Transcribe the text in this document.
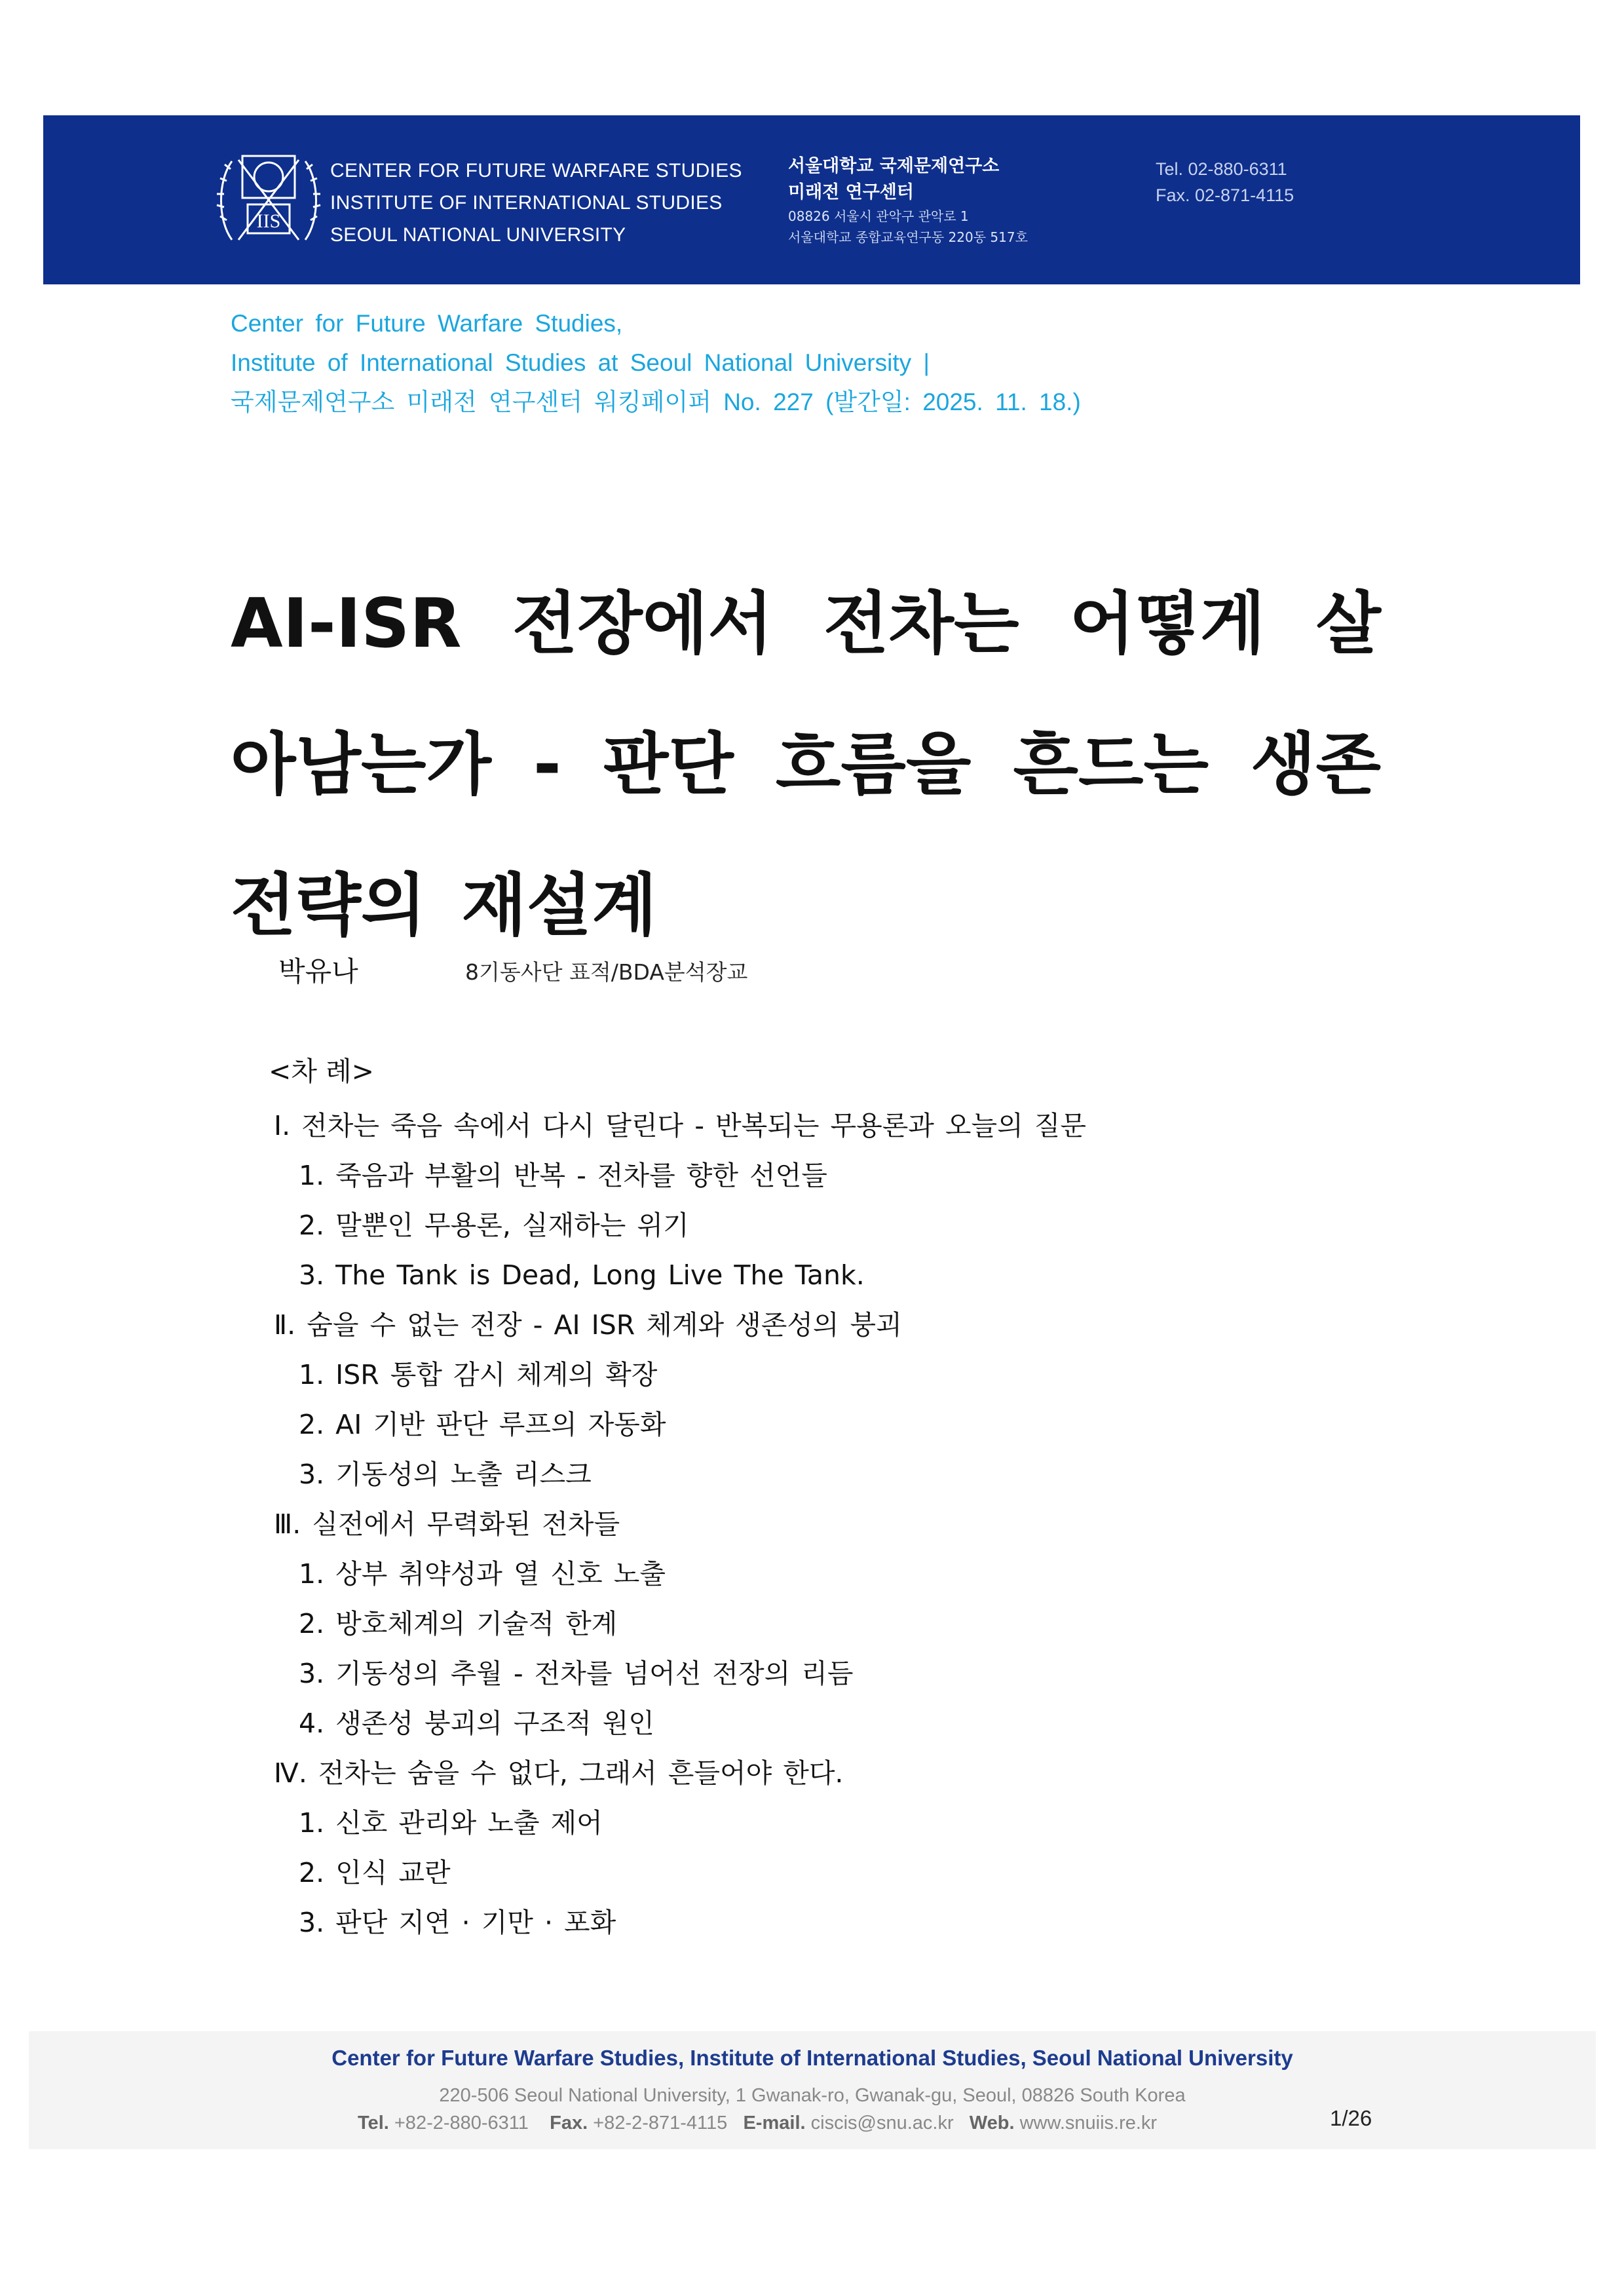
IIS
CENTER FOR FUTURE WARFARE STUDIES
INSTITUTE OF INTERNATIONAL STUDIES
SEOUL NATIONAL UNIVERSITY
서울대학교 국제문제연구소
미래전 연구센터
08826 서울시 관악구 관악로 1
서울대학교 종합교육연구동 220동 517호
Tel. 02-880-6311
Fax. 02-871-4115
Center for Future Warfare Studies,
Institute of International Studies at Seoul National University |
국제문제연구소 미래전 연구센터 워킹페이퍼 No. 227 (발간일: 2025. 11. 18.)
AI-ISR 전장에서 전차는 어떻게 살아남는가 - 판단 흐름을 흔드는 생존 전략의 재설계
박유나	8기동사단 표적/BDA분석장교
<차 례>
Ⅰ. 전차는 죽음 속에서 다시 달린다 - 반복되는 무용론과 오늘의 질문
1. 죽음과 부활의 반복 - 전차를 향한 선언들
2. 말뿐인 무용론, 실재하는 위기
3. The Tank is Dead, Long Live The Tank.
Ⅱ. 숨을 수 없는 전장 - AI ISR 체계와 생존성의 붕괴
1. ISR 통합 감시 체계의 확장
2. AI 기반 판단 루프의 자동화
3. 기동성의 노출 리스크
Ⅲ. 실전에서 무력화된 전차들
1. 상부 취약성과 열 신호 노출
2. 방호체계의 기술적 한계
3. 기동성의 추월 - 전차를 넘어선 전장의 리듬
4. 생존성 붕괴의 구조적 원인
Ⅳ. 전차는 숨을 수 없다, 그래서 흔들어야 한다.
1. 신호 관리와 노출 제어
2. 인식 교란
3. 판단 지연 · 기만 · 포화
Center for Future Warfare Studies, Institute of International Studies, Seoul National University
220-506 Seoul National University, 1 Gwanak-ro, Gwanak-gu, Seoul, 08826 South Korea
Tel. +82-2-880-6311 Fax. +82-2-871-4115 E-mail. ciscis@snu.ac.kr Web. www.snuiis.re.kr	1/26
